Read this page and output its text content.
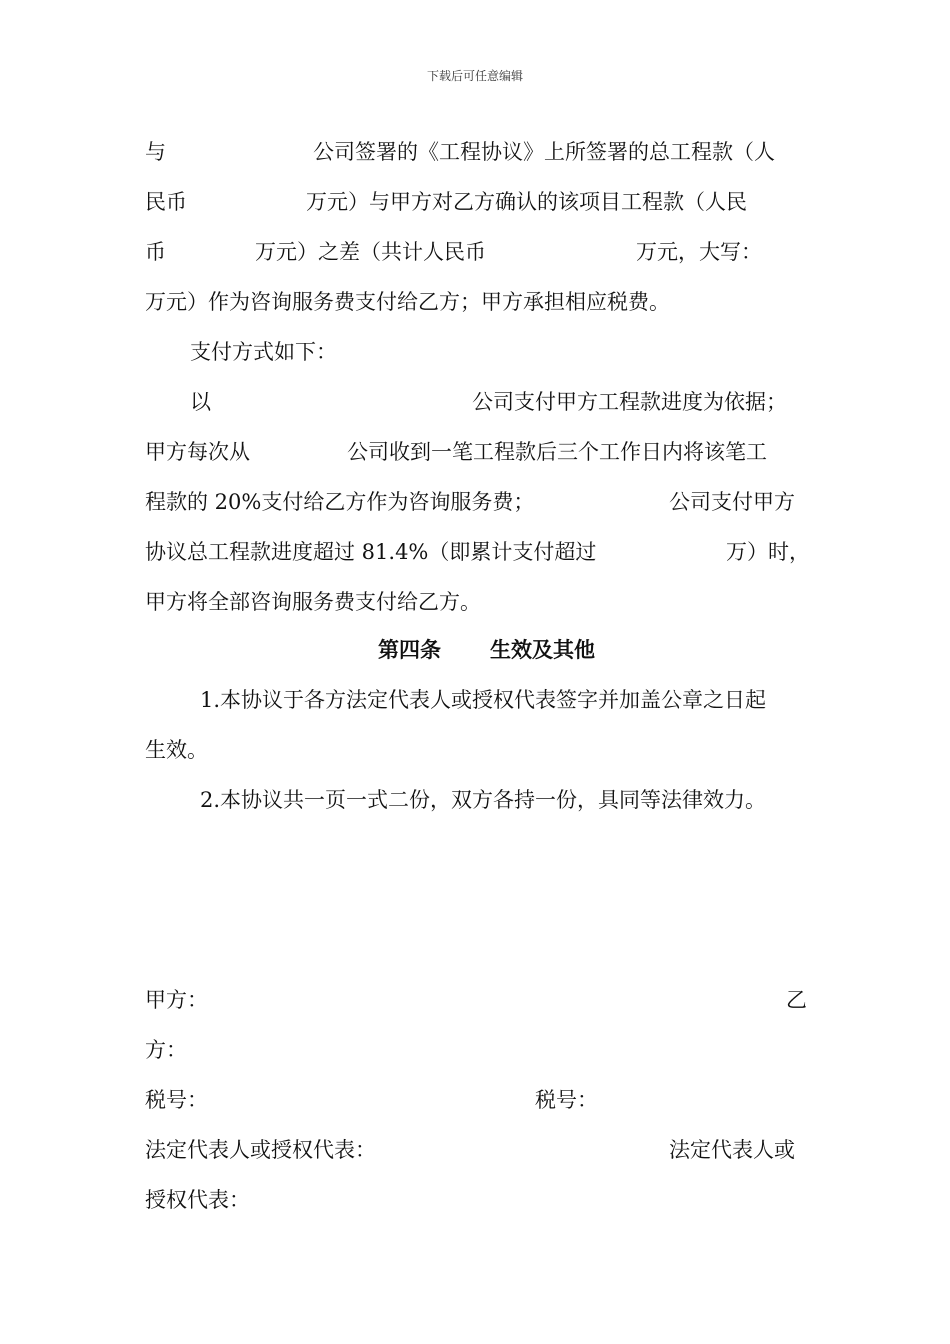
下载后可任意编辑
与	公司签署的《工程协议》上所签署的总工程款（人
民币	万元）与甲方对乙方确认的该项目工程款（人民
币	万元）之差（共计人民币	万元，大写：
万元）作为咨询服务费支付给乙方；甲方承担相应税费。
支付方式如下：
以	公司支付甲方工程款进度为依据；
甲方每次从	公司收到一笔工程款后三个工作日内将该笔工
程款的 20%支付给乙方作为咨询服务费；	公司支付甲方
协议总工程款进度超过 81.4%（即累计支付超过	万）时，
甲方将全部咨询服务费支付给乙方。
第四条 生效及其他
1.本协议于各方法定代表人或授权代表签字并加盖公章之日起
生效。
2.本协议共一页一式二份，双方各持一份，具同等法律效力。
甲方：	乙
方：
税号：	税号：
法定代表人或授权代表：	法定代表人或
授权代表：
